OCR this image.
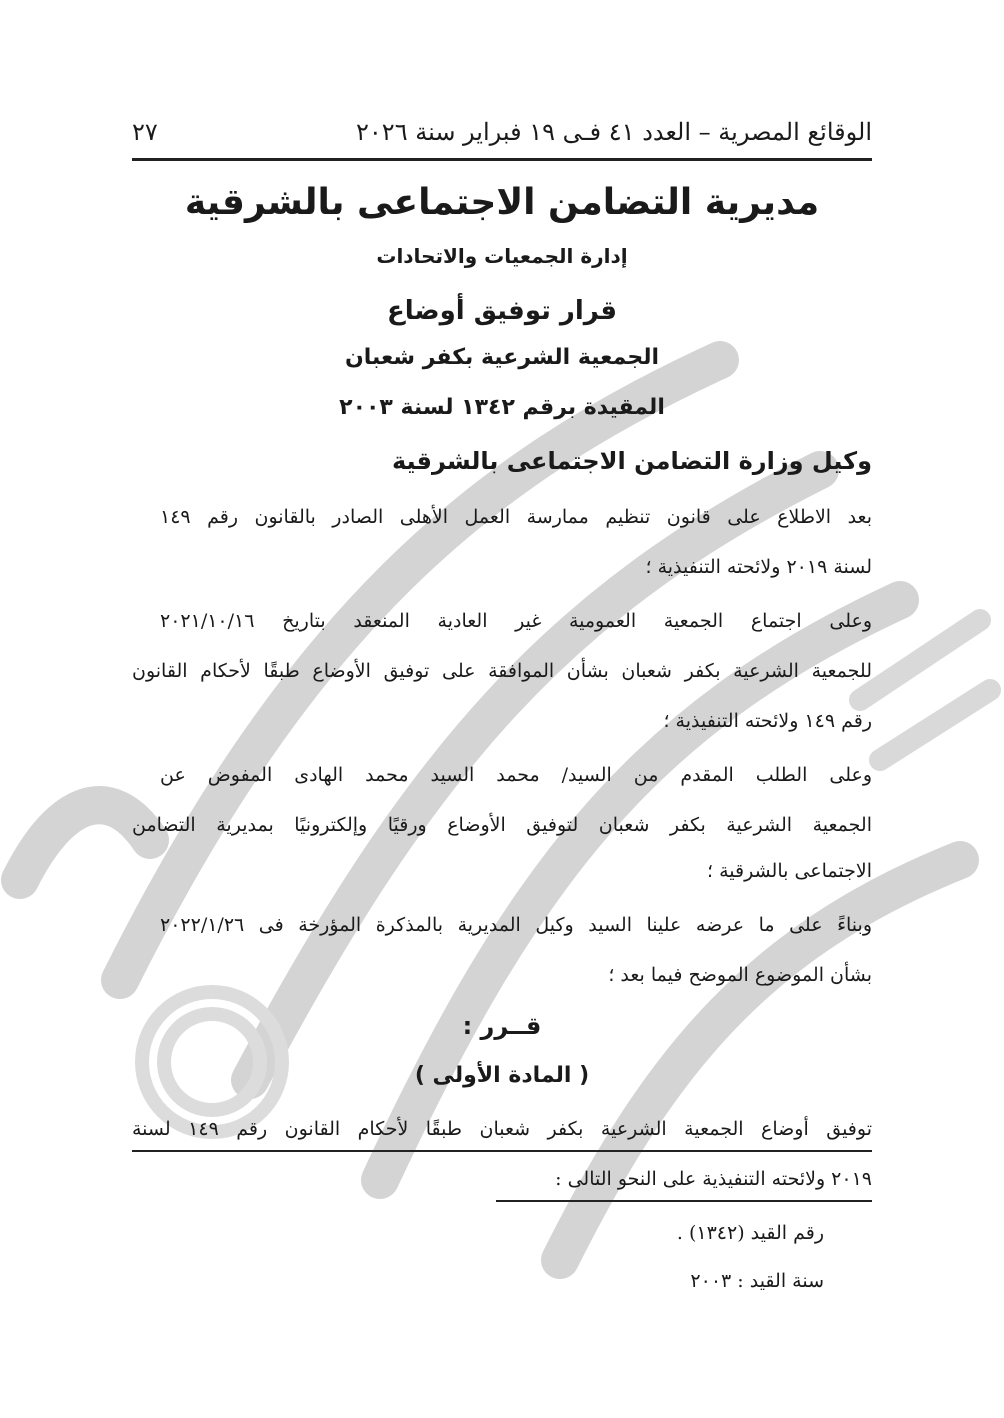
الوقائع المصرية – العدد ٤١ فـى ١٩ فبراير سنة ٢٠٢٦
٢٧
مديرية التضامن الاجتماعى بالشرقية
إدارة الجمعيات والاتحادات
قرار توفيق أوضاع
الجمعية الشرعية بكفر شعبان
المقيدة برقم ١٣٤٢ لسنة ٢٠٠٣
وكيل وزارة التضامن الاجتماعى بالشرقية
بعد الاطلاع على قانون تنظيم ممارسة العمل الأهلى الصادر بالقانون رقم ١٤٩
لسنة ٢٠١٩ ولائحته التنفيذية ؛
وعلى اجتماع الجمعية العمومية غير العادية المنعقد بتاريخ ٢٠٢١/١٠/١٦
للجمعية الشرعية بكفر شعبان بشأن الموافقة على توفيق الأوضاع طبقًا لأحكام القانون
رقم ١٤٩ ولائحته التنفيذية ؛
وعلى الطلب المقدم من السيد/ محمد السيد محمد الهادى المفوض عن
الجمعية الشرعية بكفر شعبان لتوفيق الأوضاع ورقيًا وإلكترونيًا بمديرية التضامن
الاجتماعى بالشرقية ؛
وبناءً على ما عرضه علينا السيد وكيل المديرية بالمذكرة المؤرخة فى ٢٠٢٢/١/٢٦
بشأن الموضوع الموضح فيما بعد ؛
قــرر :
( المادة الأولى )
توفيق أوضاع الجمعية الشرعية بكفر شعبان طبقًا لأحكام القانون رقم ١٤٩ لسنة
٢٠١٩ ولائحته التنفيذية على النحو التالى :
رقم القيد (١٣٤٢) .
سنة القيد : ٢٠٠٣
